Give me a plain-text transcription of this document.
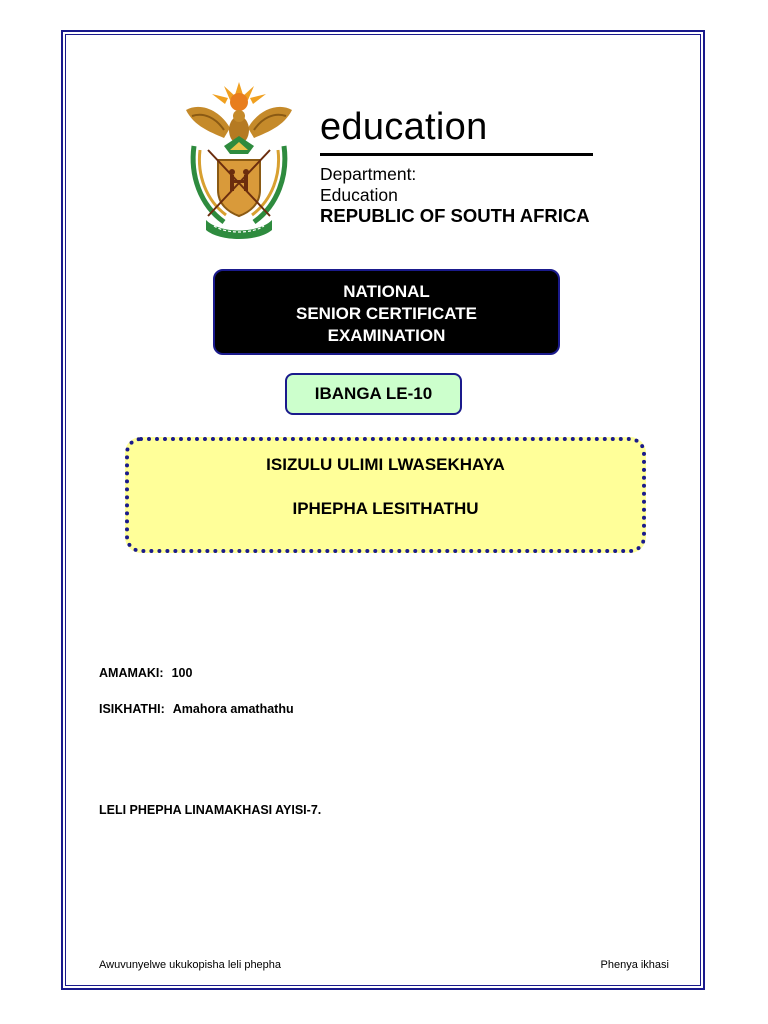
education
Department:
Education
REPUBLIC OF SOUTH AFRICA
NATIONAL
SENIOR CERTIFICATE
EXAMINATION
IBANGA LE-10
ISIZULU ULIMI LWASEKHAYA
IPHEPHA LESITHATHU
AMAMAKI: 100
ISIKHATHI: Amahora amathathu
LELI PHEPHA LINAMAKHASI AYISI-7.
Awuvunyelwe ukukopisha leli phepha	Phenya ikhasi
